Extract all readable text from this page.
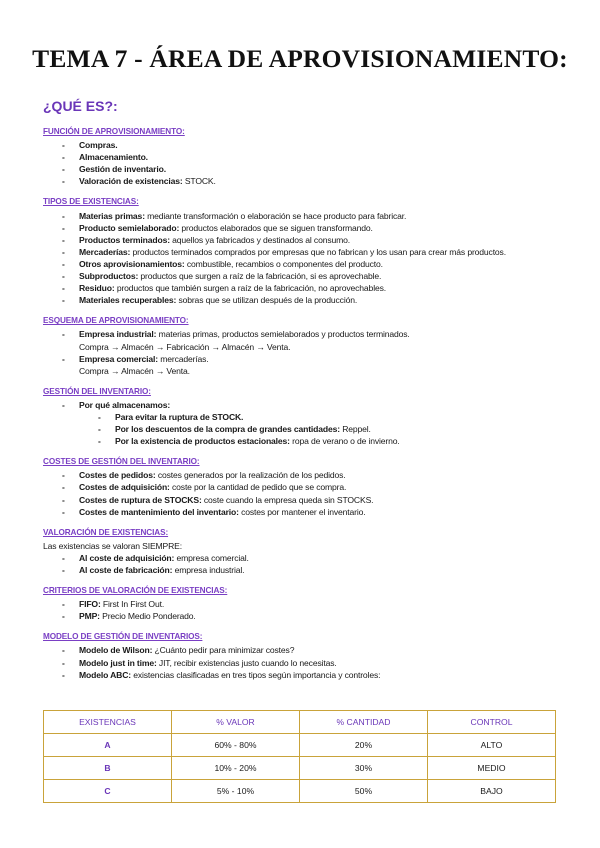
TEMA 7 - ÁREA DE APROVISIONAMIENTO:
¿QUÉ ES?:
FUNCIÓN DE APROVISIONAMIENTO:
- Compras.
- Almacenamiento.
- Gestión de inventario.
- Valoración de existencias: STOCK.
TIPOS DE EXISTENCIAS:
- Materias primas: mediante transformación o elaboración se hace producto para fabricar.
- Producto semielaborado: productos elaborados que se siguen transformando.
- Productos terminados: aquellos ya fabricados y destinados al consumo.
- Mercaderías: productos terminados comprados por empresas que no fabrican y los usan para crear más productos.
- Otros aprovisionamientos: combustible, recambios o componentes del producto.
- Subproductos: productos que surgen a raíz de la fabricación, si es aprovechable.
- Residuo: productos que también surgen a raíz de la fabricación, no aprovechables.
- Materiales recuperables: sobras que se utilizan después de la producción.
ESQUEMA DE APROVISIONAMIENTO:
- Empresa industrial: materias primas, productos semielaborados y productos terminados.
Compra → Almacén → Fabricación → Almacén → Venta.
- Empresa comercial: mercaderías.
Compra → Almacén → Venta.
GESTIÓN DEL INVENTARIO:
- Por qué almacenamos:
- Para evitar la ruptura de STOCK.
- Por los descuentos de la compra de grandes cantidades: Reppel.
- Por la existencia de productos estacionales: ropa de verano o de invierno.
COSTES DE GESTIÓN DEL INVENTARIO:
- Costes de pedidos: costes generados por la realización de los pedidos.
- Costes de adquisición: coste por la cantidad de pedido que se compra.
- Costes de ruptura de STOCKS: coste cuando la empresa queda sin STOCKS.
- Costes de mantenimiento del inventario: costes por mantener el inventario.
VALORACIÓN DE EXISTENCIAS:
Las existencias se valoran SIEMPRE:
- Al coste de adquisición: empresa comercial.
- Al coste de fabricación: empresa industrial.
CRITERIOS DE VALORACIÓN DE EXISTENCIAS:
- FIFO: First In First Out.
- PMP: Precio Medio Ponderado.
MODELO DE GESTIÓN DE INVENTARIOS:
- Modelo de Wilson: ¿Cuánto pedir para minimizar costes?
- Modelo just in time: JIT, recibir existencias justo cuando lo necesitas.
- Modelo ABC: existencias clasificadas en tres tipos según importancia y controles:
EXISTENCIAS	% VALOR	% CANTIDAD	CONTROL
A	60% - 80%	20%	ALTO
B	10% - 20%	30%	MEDIO
C	5% - 10%	50%	BAJO
